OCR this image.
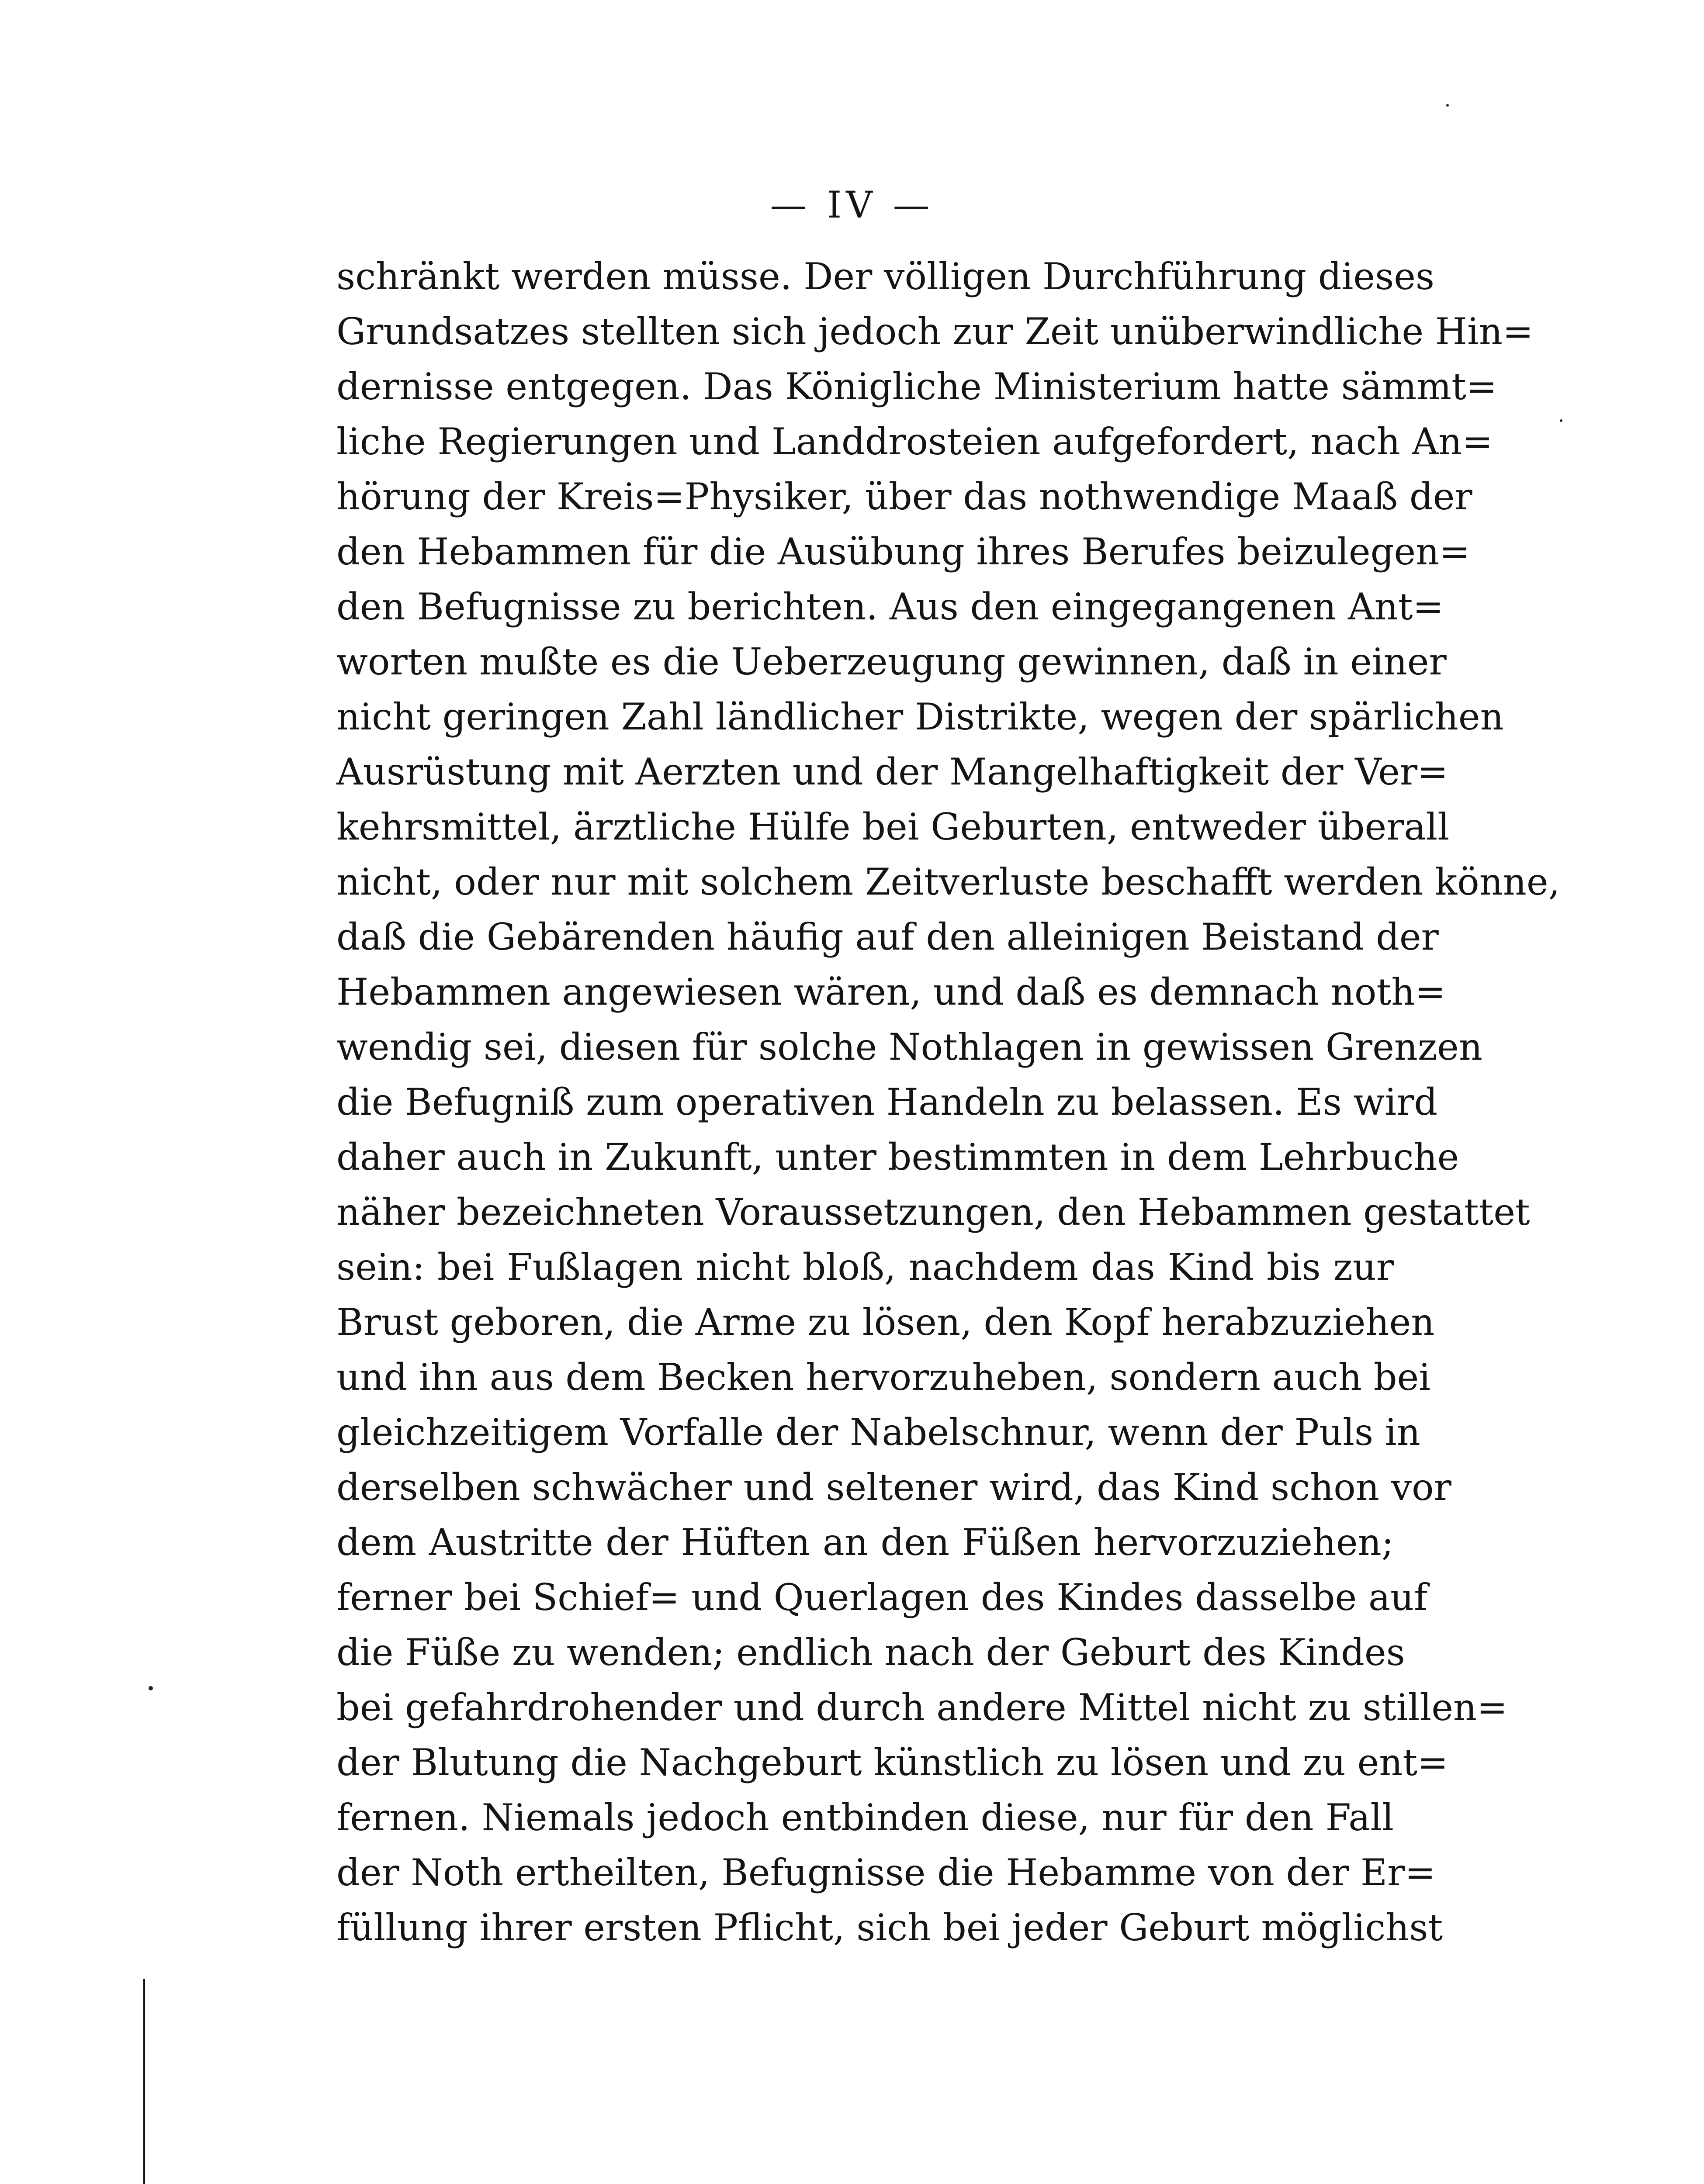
— IV —
schränkt werden müsse. Der völligen Durchführung dieses
Grundsatzes stellten sich jedoch zur Zeit unüberwindliche Hin=
dernisse entgegen. Das Königliche Ministerium hatte sämmt=
liche Regierungen und Landdrosteien aufgefordert, nach An=
hörung der Kreis=Physiker, über das nothwendige Maaß der
den Hebammen für die Ausübung ihres Berufes beizulegen=
den Befugnisse zu berichten. Aus den eingegangenen Ant=
worten mußte es die Ueberzeugung gewinnen, daß in einer
nicht geringen Zahl ländlicher Distrikte, wegen der spärlichen
Ausrüstung mit Aerzten und der Mangelhaftigkeit der Ver=
kehrsmittel, ärztliche Hülfe bei Geburten, entweder überall
nicht, oder nur mit solchem Zeitverluste beschafft werden könne,
daß die Gebärenden häufig auf den alleinigen Beistand der
Hebammen angewiesen wären, und daß es demnach noth=
wendig sei, diesen für solche Nothlagen in gewissen Grenzen
die Befugniß zum operativen Handeln zu belassen. Es wird
daher auch in Zukunft, unter bestimmten in dem Lehrbuche
näher bezeichneten Voraussetzungen, den Hebammen gestattet
sein: bei Fußlagen nicht bloß, nachdem das Kind bis zur
Brust geboren, die Arme zu lösen, den Kopf herabzuziehen
und ihn aus dem Becken hervorzuheben, sondern auch bei
gleichzeitigem Vorfalle der Nabelschnur, wenn der Puls in
derselben schwächer und seltener wird, das Kind schon vor
dem Austritte der Hüften an den Füßen hervorzuziehen;
ferner bei Schief= und Querlagen des Kindes dasselbe auf
die Füße zu wenden; endlich nach der Geburt des Kindes
bei gefahrdrohender und durch andere Mittel nicht zu stillen=
der Blutung die Nachgeburt künstlich zu lösen und zu ent=
fernen. Niemals jedoch entbinden diese, nur für den Fall
der Noth ertheilten, Befugnisse die Hebamme von der Er=
füllung ihrer ersten Pflicht, sich bei jeder Geburt möglichst
